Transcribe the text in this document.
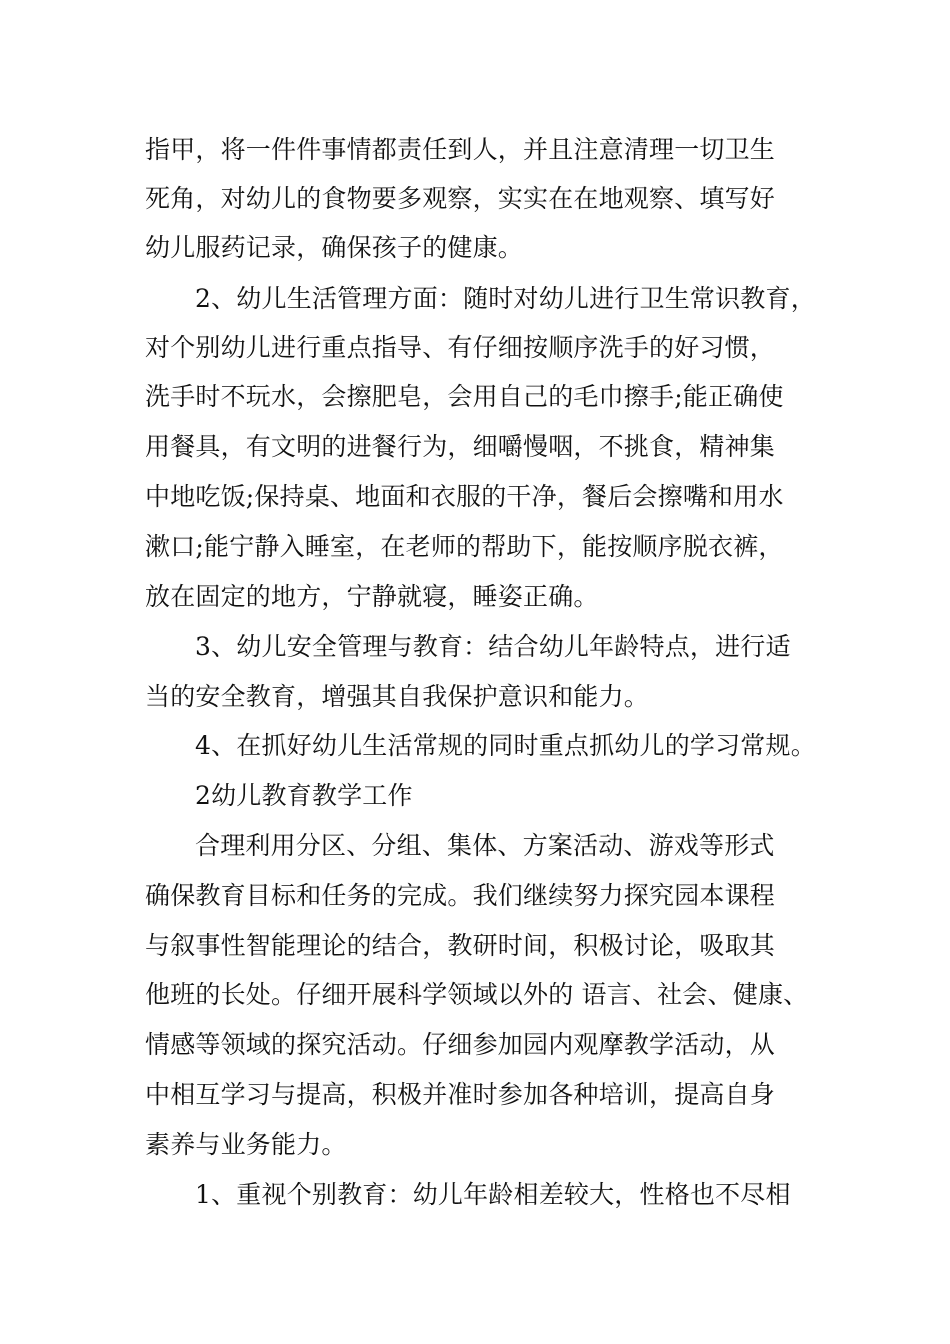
指甲，将一件件事情都责任到人，并且注意清理一切卫生
死角，对幼儿的食物要多观察，实实在在地观察、填写好
幼儿服药记录，确保孩子的健康。
2、幼儿生活管理方面：随时对幼儿进行卫生常识教育，
对个别幼儿进行重点指导、有仔细按顺序洗手的好习惯，
洗手时不玩水，会擦肥皂，会用自己的毛巾擦手;能正确使
用餐具，有文明的进餐行为，细嚼慢咽，不挑食，精神集
中地吃饭;保持桌、地面和衣服的干净，餐后会擦嘴和用水
漱口;能宁静入睡室，在老师的帮助下，能按顺序脱衣裤，
放在固定的地方，宁静就寝，睡姿正确。
3、幼儿安全管理与教育：结合幼儿年龄特点，进行适
当的安全教育，增强其自我保护意识和能力。
4、在抓好幼儿生活常规的同时重点抓幼儿的学习常规。
2幼儿教育教学工作
合理利用分区、分组、集体、方案活动、游戏等形式
确保教育目标和任务的完成。我们继续努力探究园本课程
与叙事性智能理论的结合，教研时间，积极讨论，吸取其
他班的长处。仔细开展科学领域以外的 语言、社会、健康、
情感等领域的探究活动。仔细参加园内观摩教学活动，从
中相互学习与提高，积极并准时参加各种培训，提高自身
素养与业务能力。
1、重视个别教育：幼儿年龄相差较大，性格也不尽相
